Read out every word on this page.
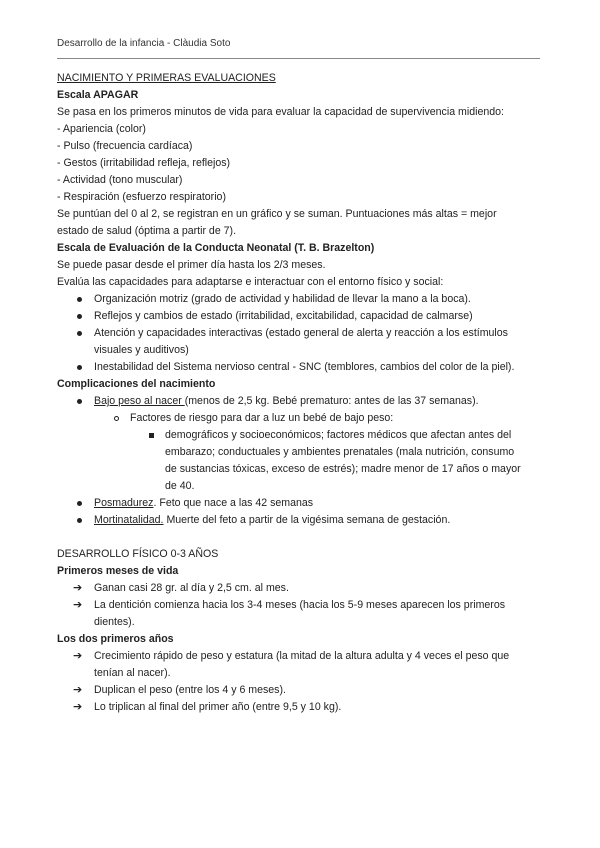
Desarrollo de la infancia - Clàudia Soto

NACIMIENTO Y PRIMERAS EVALUACIONES

Escala APAGAR

Se pasa en los primeros minutos de vida para evaluar la capacidad de supervivencia midiendo:

- Apariencia (color)

- Pulso (frecuencia cardíaca)

- Gestos (irritabilidad refleja, reflejos)

- Actividad (tono muscular)

- Respiración (esfuerzo respiratorio)

Se puntúan del 0 al 2, se registran en un gráfico y se suman. Puntuaciones más altas = mejor

estado de salud (óptima a partir de 7).

Escala de Evaluación de la Conducta Neonatal (T. B. Brazelton)

Se puede pasar desde el primer día hasta los 2/3 meses.

Evalúa las capacidades para adaptarse e interactuar con el entorno físico y social:

Organización motriz (grado de actividad y habilidad de llevar la mano a la boca).

Reflejos y cambios de estado (irritabilidad, excitabilidad, capacidad de calmarse)

Atención y capacidades interactivas (estado general de alerta y reacción a los estímulos

visuales y auditivos)

Inestabilidad del Sistema nervioso central - SNC (temblores, cambios del color de la piel).

Complicaciones del nacimiento

Bajo peso al nacer (menos de 2,5 kg. Bebé prematuro: antes de las 37 semanas).

Factores de riesgo para dar a luz un bebé de bajo peso:

demográficos y socioeconómicos; factores médicos que afectan antes del

embarazo; conductuales y ambientes prenatales (mala nutrición, consumo

de sustancias tóxicas, exceso de estrés); madre menor de 17 años o mayor

de 40.

Posmadurez. Feto que nace a las 42 semanas

Mortinatalidad. Muerte del feto a partir de la vigésima semana de gestación.

DESARROLLO FÍSICO 0-3 AÑOS

Primeros meses de vida

➔ Ganan casi 28 gr. al día y 2,5 cm. al mes.

➔ La dentición comienza hacia los 3-4 meses (hacia los 5-9 meses aparecen los primeros

dientes).

Los dos primeros años

➔ Crecimiento rápido de peso y estatura (la mitad de la altura adulta y 4 veces el peso que

tenían al nacer).

➔ Duplican el peso (entre los 4 y 6 meses).

➔ Lo triplican al final del primer año (entre 9,5 y 10 kg).
